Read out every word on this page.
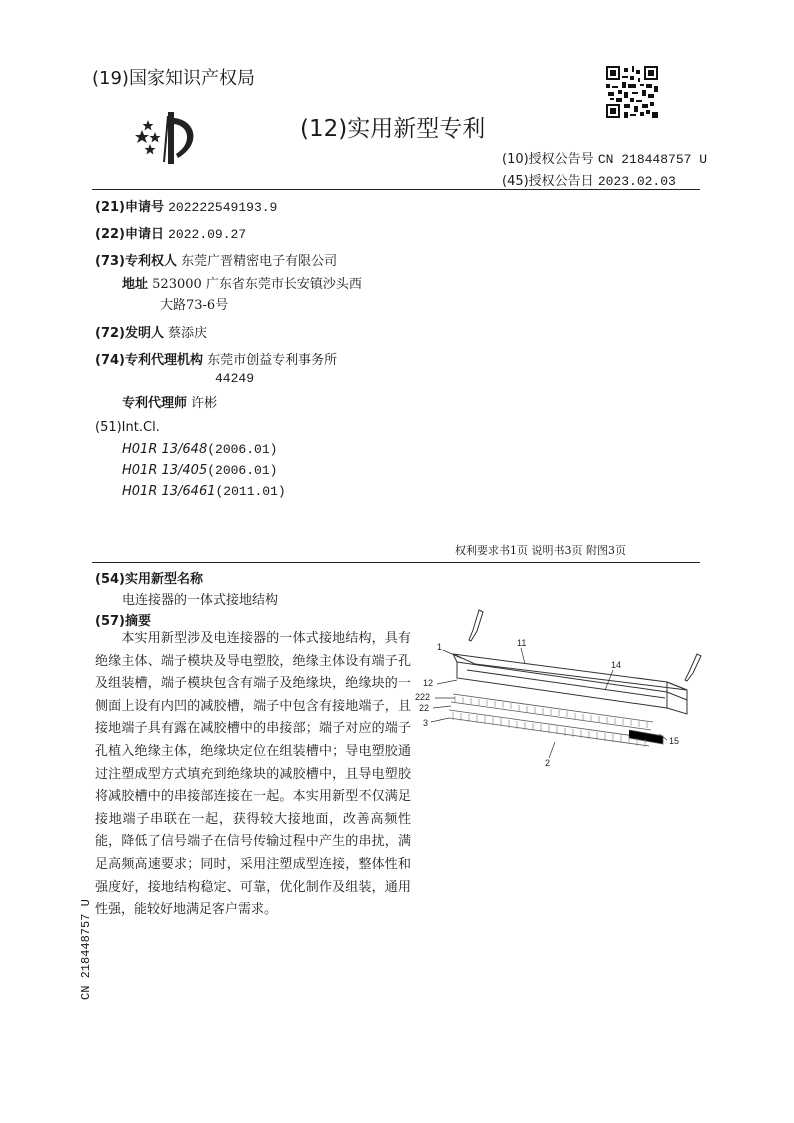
(19)国家知识产权局
(12)实用新型专利
(10)授权公告号 CN 218448757 U
(45)授权公告日 2023.02.03
(21)申请号 202222549193.9
(22)申请日 2022.09.27
(73)专利权人 东莞广晋精密电子有限公司
地址 523000 广东省东莞市长安镇沙头西
大路73-6号
(72)发明人 蔡添庆
(74)专利代理机构 东莞市创益专利事务所
44249
专利代理师 许彬
(51)Int.Cl.
H01R 13/648(2006.01)
H01R 13/405(2006.01)
H01R 13/6461(2011.01)
权利要求书1页 说明书3页 附图3页
(54)实用新型名称
电连接器的一体式接地结构
(57)摘要
　　本实用新型涉及电连接器的一体式接地结构，具有绝缘主体、端子模块及导电塑胶，绝缘主体设有端子孔及组装槽，端子模块包含有端子及绝缘块，绝缘块的一侧面上设有内凹的减胶槽，端子中包含有接地端子，且接地端子具有露在减胶槽中的串接部；端子对应的端子孔植入绝缘主体，绝缘块定位在组装槽中；导电塑胶通过注塑成型方式填充到绝缘块的减胶槽中，且导电塑胶将减胶槽中的串接部连接在一起。本实用新型不仅满足接地端子串联在一起，获得较大接地面，改善高频性能，降低了信号端子在信号传输过程中产生的串扰，满足高频高速要求；同时，采用注塑成型连接，整体性和强度好，接地结构稳定、可靠，优化制作及组装，通用性强，能较好地满足客户需求。
1	11
12
14
222
22
3
15
2
CN 218448757 U
